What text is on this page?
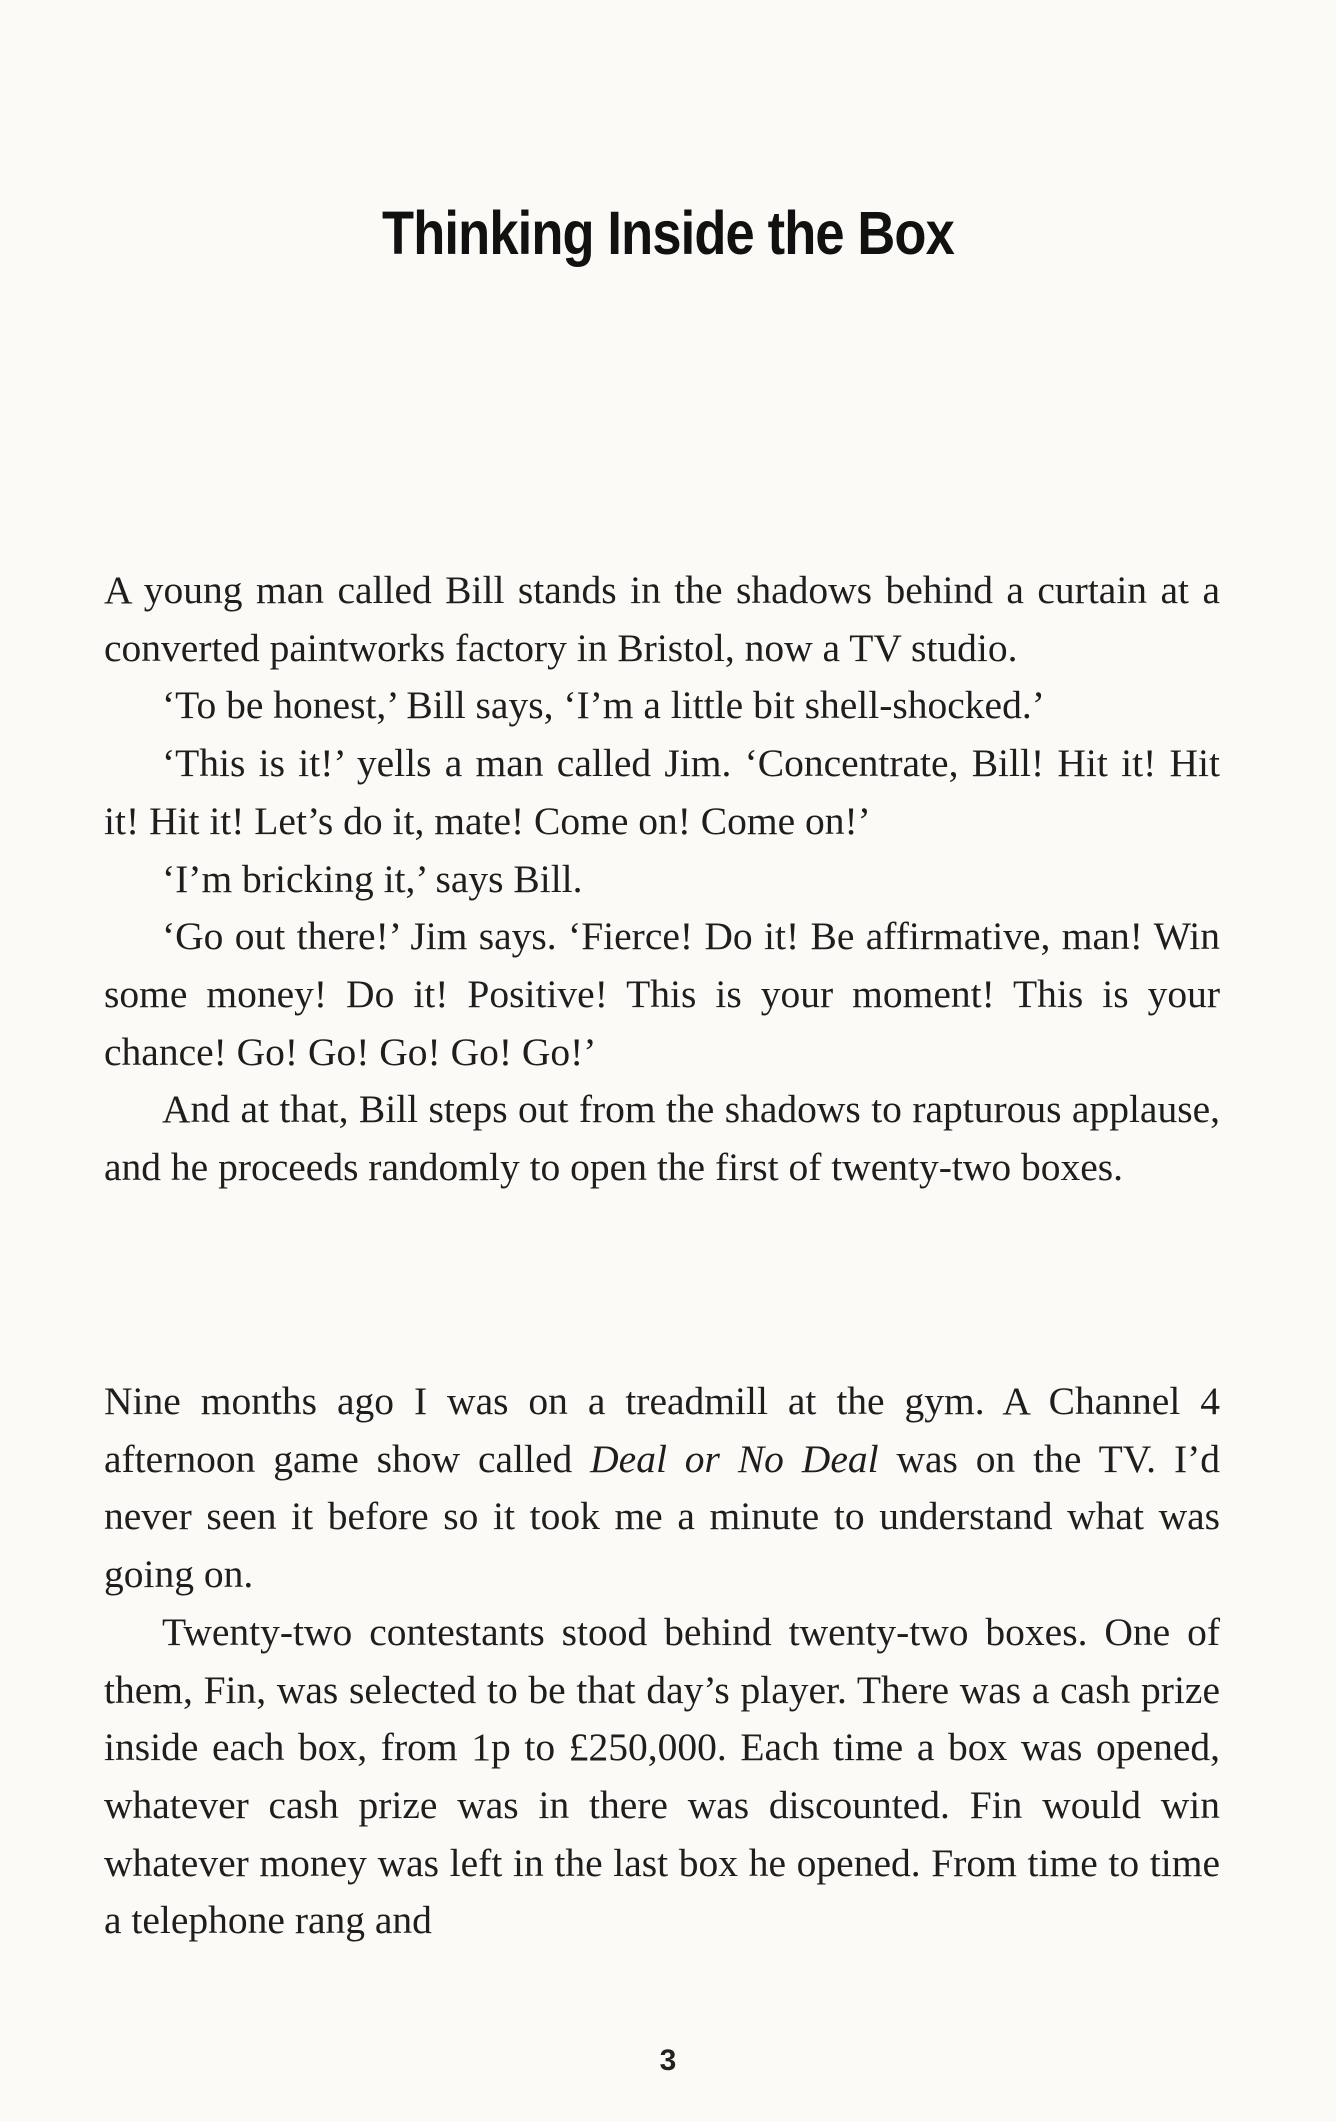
Thinking Inside the Box

A young man called Bill stands in the shadows behind a curtain at a converted paintworks factory in Bristol, now a TV studio.

‘To be honest,’ Bill says, ‘I’m a little bit shell-shocked.’

‘This is it!’ yells a man called Jim. ‘Concentrate, Bill! Hit it! Hit it! Hit it! Let’s do it, mate! Come on! Come on!’

‘I’m bricking it,’ says Bill.

‘Go out there!’ Jim says. ‘Fierce! Do it! Be affirmative, man! Win some money! Do it! Positive! This is your moment! This is your chance! Go! Go! Go! Go! Go!’

And at that, Bill steps out from the shadows to rapturous applause, and he proceeds randomly to open the first of twenty-two boxes.

Nine months ago I was on a treadmill at the gym. A Channel 4 afternoon game show called Deal or No Deal was on the TV. I’d never seen it before so it took me a minute to understand what was going on.

Twenty-two contestants stood behind twenty-two boxes. One of them, Fin, was selected to be that day’s player. There was a cash prize inside each box, from 1p to £250,000. Each time a box was opened, whatever cash prize was in there was discounted. Fin would win whatever money was left in the last box he opened. From time to time a telephone rang and

3
